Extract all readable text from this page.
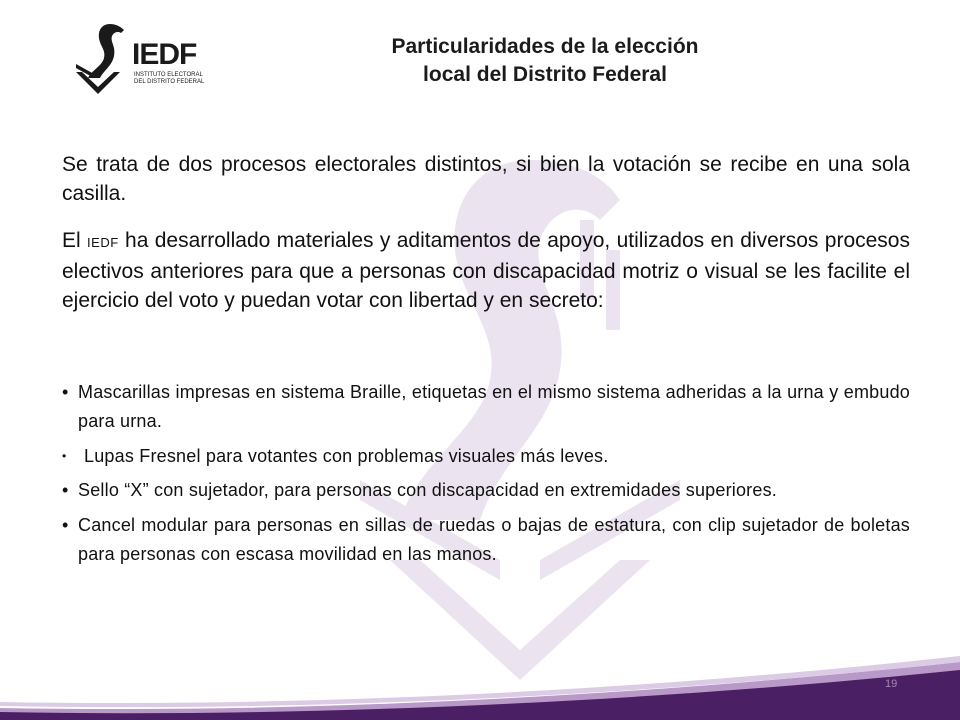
IEDF
INSTITUTO ELECTORAL
DEL DISTRITO FEDERAL
Particularidades de la elección
local del Distrito Federal
Se trata de dos procesos electorales distintos, si bien la votación se recibe en una sola casilla.
El IEDF ha desarrollado materiales y aditamentos de apoyo, utilizados en diversos procesos electivos anteriores para que a personas con discapacidad motriz o visual se les facilite el ejercicio del voto y puedan votar con libertad y en secreto:
• Mascarillas impresas en sistema Braille, etiquetas en el mismo sistema adheridas a la urna y embudo para urna.
• Lupas Fresnel para votantes con problemas visuales más leves.
• Sello “X” con sujetador, para personas con discapacidad en extremidades superiores.
• Cancel modular para personas en sillas de ruedas o bajas de estatura, con clip sujetador de boletas para personas con escasa movilidad en las manos.
19
